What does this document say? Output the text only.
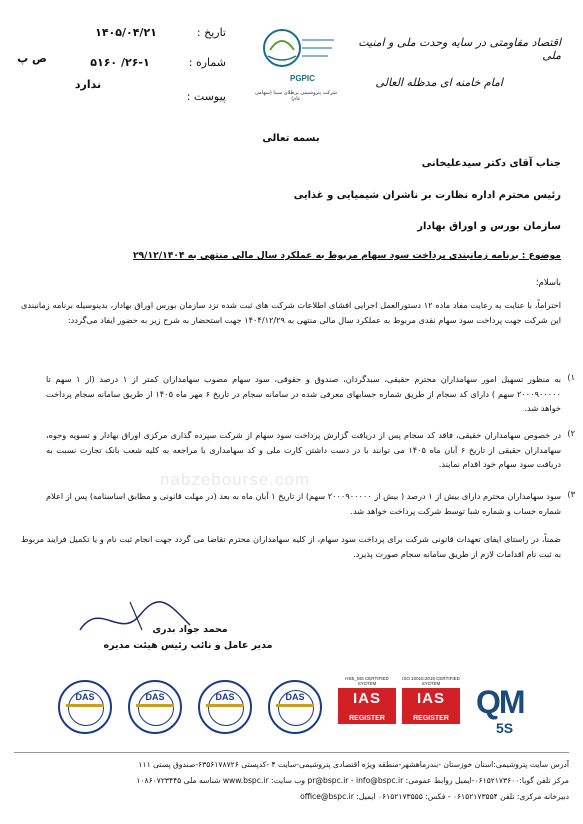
اقتصاد مقاومتی در سایه وحدت ملی و امنیت ملی
امام خامنه ای مدظله العالی
PGPIC
شرکت پتروشیمی پرطلای سینا (سهامی عام)
تاریخ :
۱۴۰۵/۰۴/۲۱
شماره :
۲۶-۱/ ۵۱۶۰
پیوست :
ندارد
ص پ
بسمه تعالی
جناب آقای دکتر سیدعلیخانی
رئیس محترم اداره نظارت بر ناشران شیمیایی و غذایی
سازمان بورس و اوراق بهادار
موضوع : برنامه زمانبندی پرداخت سود سهام مربوط به عملکرد سال مالی منتهی به ۲۹/۱۲/۱۴۰۴
باسلام؛
احتراماً، با عنایت به رعایت مفاد ماده ۱۲ دستورالعمل اجرایی افشای اطلاعات شرکت های ثبت شده نزد سازمان بورس اوراق بهادار، بدینوسیله برنامه زمانبندی این شرکت جهت پرداخت سود سهام نقدی مربوط به عملکرد سال مالی منتهی به ۱۴۰۴/۱۲/۲۹ جهت استحضار به شرح زیر به حضور ایفاد می‌گردد:
۱)
به منظور تسهیل امور سهامداران محترم حقیقی، سبدگردان، صندوق و حقوقی، سود سهام مصوب سهامداران کمتر از ۱ درصد (از ۱ سهم تا ۲۰۰۰۹۰۰۰۰۰ سهم ) دارای کد سجام از طریق شماره حسابهای معرفی شده در سامانه سجام در تاریخ ۶ مهر ماه ۱۴۰۵ از طریق سامانه سجام پرداخت خواهد شد.
۲)
در خصوص سهامداران حقیقی، فاقد کد سجام پس از دریافت گزارش پرداخت سود سهام از شرکت سپرده گذاری مرکزی اوراق بهادار و تسویه وجوه، سهامداران حقیقی از تاریخ ۶ آبان ماه ۱۴۰۵ می توانند با در دست داشتن کارت ملی و کد سهامداری با مراجعه به کلیه شعب بانک تجارت نسبت به دریافت سود سهام خود اقدام نمایند.
۳)
سود سهامداران محترم دارای بیش از ۱ درصد ( بیش از ۲۰۰۰۹۰۰۰۰۰ سهم) از تاریخ ۱ آبان ماه به بعد (در مهلت قانونی و مطابق اساسنامه) پس از اعلام شماره حساب و شماره شبا توسط شرکت پرداخت خواهد شد.
ضمناً، در راستای ایفای تعهدات قانونی شرکت برای پرداخت سود سهام، از کلیه سهامداران محترم تقاضا می گردد جهت انجام ثبت نام و یا تکمیل فرایند مربوط به ثبت نام اقدامات لازم از طریق سامانه سجام صورت پذیرد.
nabzebourse.com
محمد جواد بدری
مدیر عامل و نائب رئیس هیئت مدیره
DAS	DAS	DAS	DAS
HSE_MS CERTIFIED SYSTEM
IAS
REGISTER
ISO 10015:2019 CERTIFIED SYSTEM
IAS
REGISTER QM
5S
آدرس سایت پتروشیمی:استان خوزستان -بندرماهشهر-منطقه ویژه اقتصادی پتروشیمی-سایت ۴ -کدپستی ۶۳۵۶۱۷۸۷۲۶-صندوق پستی ۱۱۱
مرکز تلفن گویا:۰۶۱۵۲۱۷۳۶۰۰-ایمیل روابط عمومی: pr@bspc.ir - info@bspc.ir وب سایت: www.bspc.ir شناسه ملی ۱۰۸۶۰۷۲۳۴۴۵
دبیرخانه مرکزی: تلفن ۰۶۱۵۲۱۷۳۵۵۴ - فکس: ۰۶۱۵۲۱۷۳۵۵۵ ایمیل: office@bspc.ir
